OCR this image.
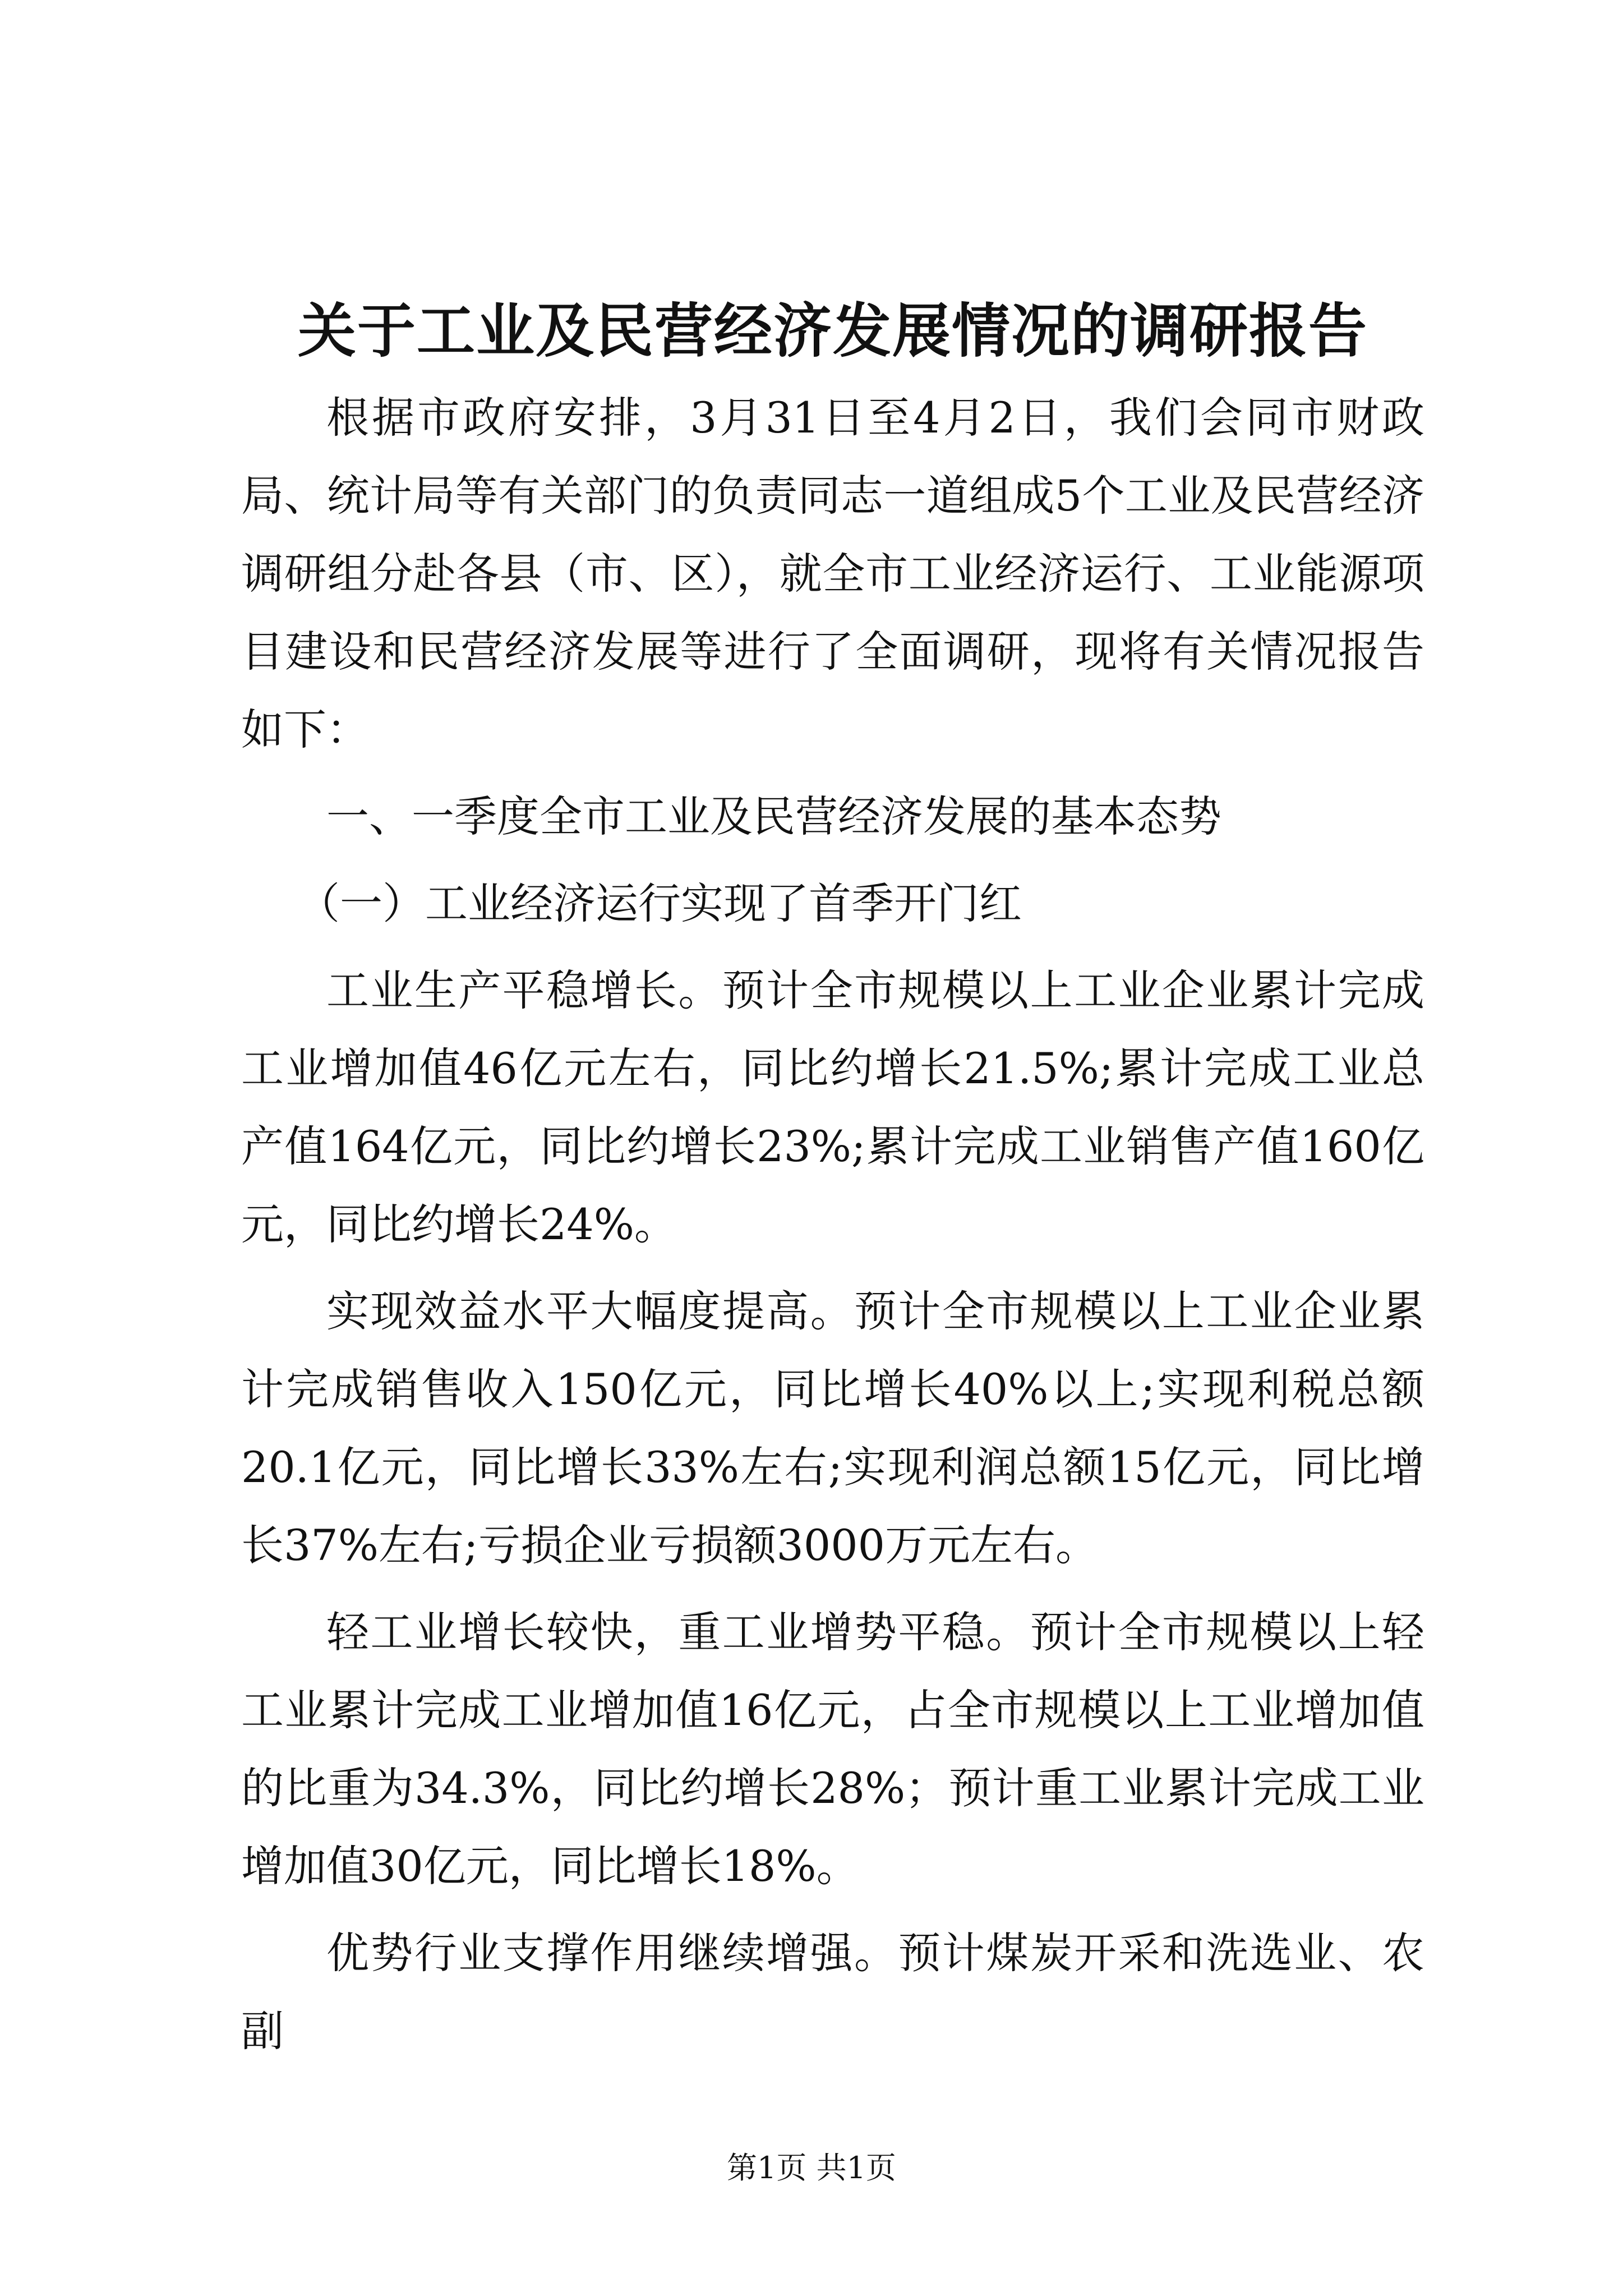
关于工业及民营经济发展情况的调研报告

根据市政府安排，3月31日至4月2日，我们会同市财政局、统计局等有关部门的负责同志一道组成5个工业及民营经济调研组分赴各县（市、区），就全市工业经济运行、工业能源项目建设和民营经济发展等进行了全面调研，现将有关情况报告如下：

一、一季度全市工业及民营经济发展的基本态势

（一）工业经济运行实现了首季开门红

工业生产平稳增长。预计全市规模以上工业企业累计完成工业增加值46亿元左右，同比约增长21.5%;累计完成工业总产值164亿元，同比约增长23%;累计完成工业销售产值160亿元，同比约增长24%。

实现效益水平大幅度提高。预计全市规模以上工业企业累计完成销售收入150亿元，同比增长40%以上;实现利税总额20.1亿元，同比增长33%左右;实现利润总额15亿元，同比增长37%左右;亏损企业亏损额3000万元左右。

轻工业增长较快，重工业增势平稳。预计全市规模以上轻工业累计完成工业增加值16亿元，占全市规模以上工业增加值的比重为34.3%，同比约增长28%；预计重工业累计完成工业增加值30亿元，同比增长18%。

优势行业支撑作用继续增强。预计煤炭开采和洗选业、农副

第1页 共1页
